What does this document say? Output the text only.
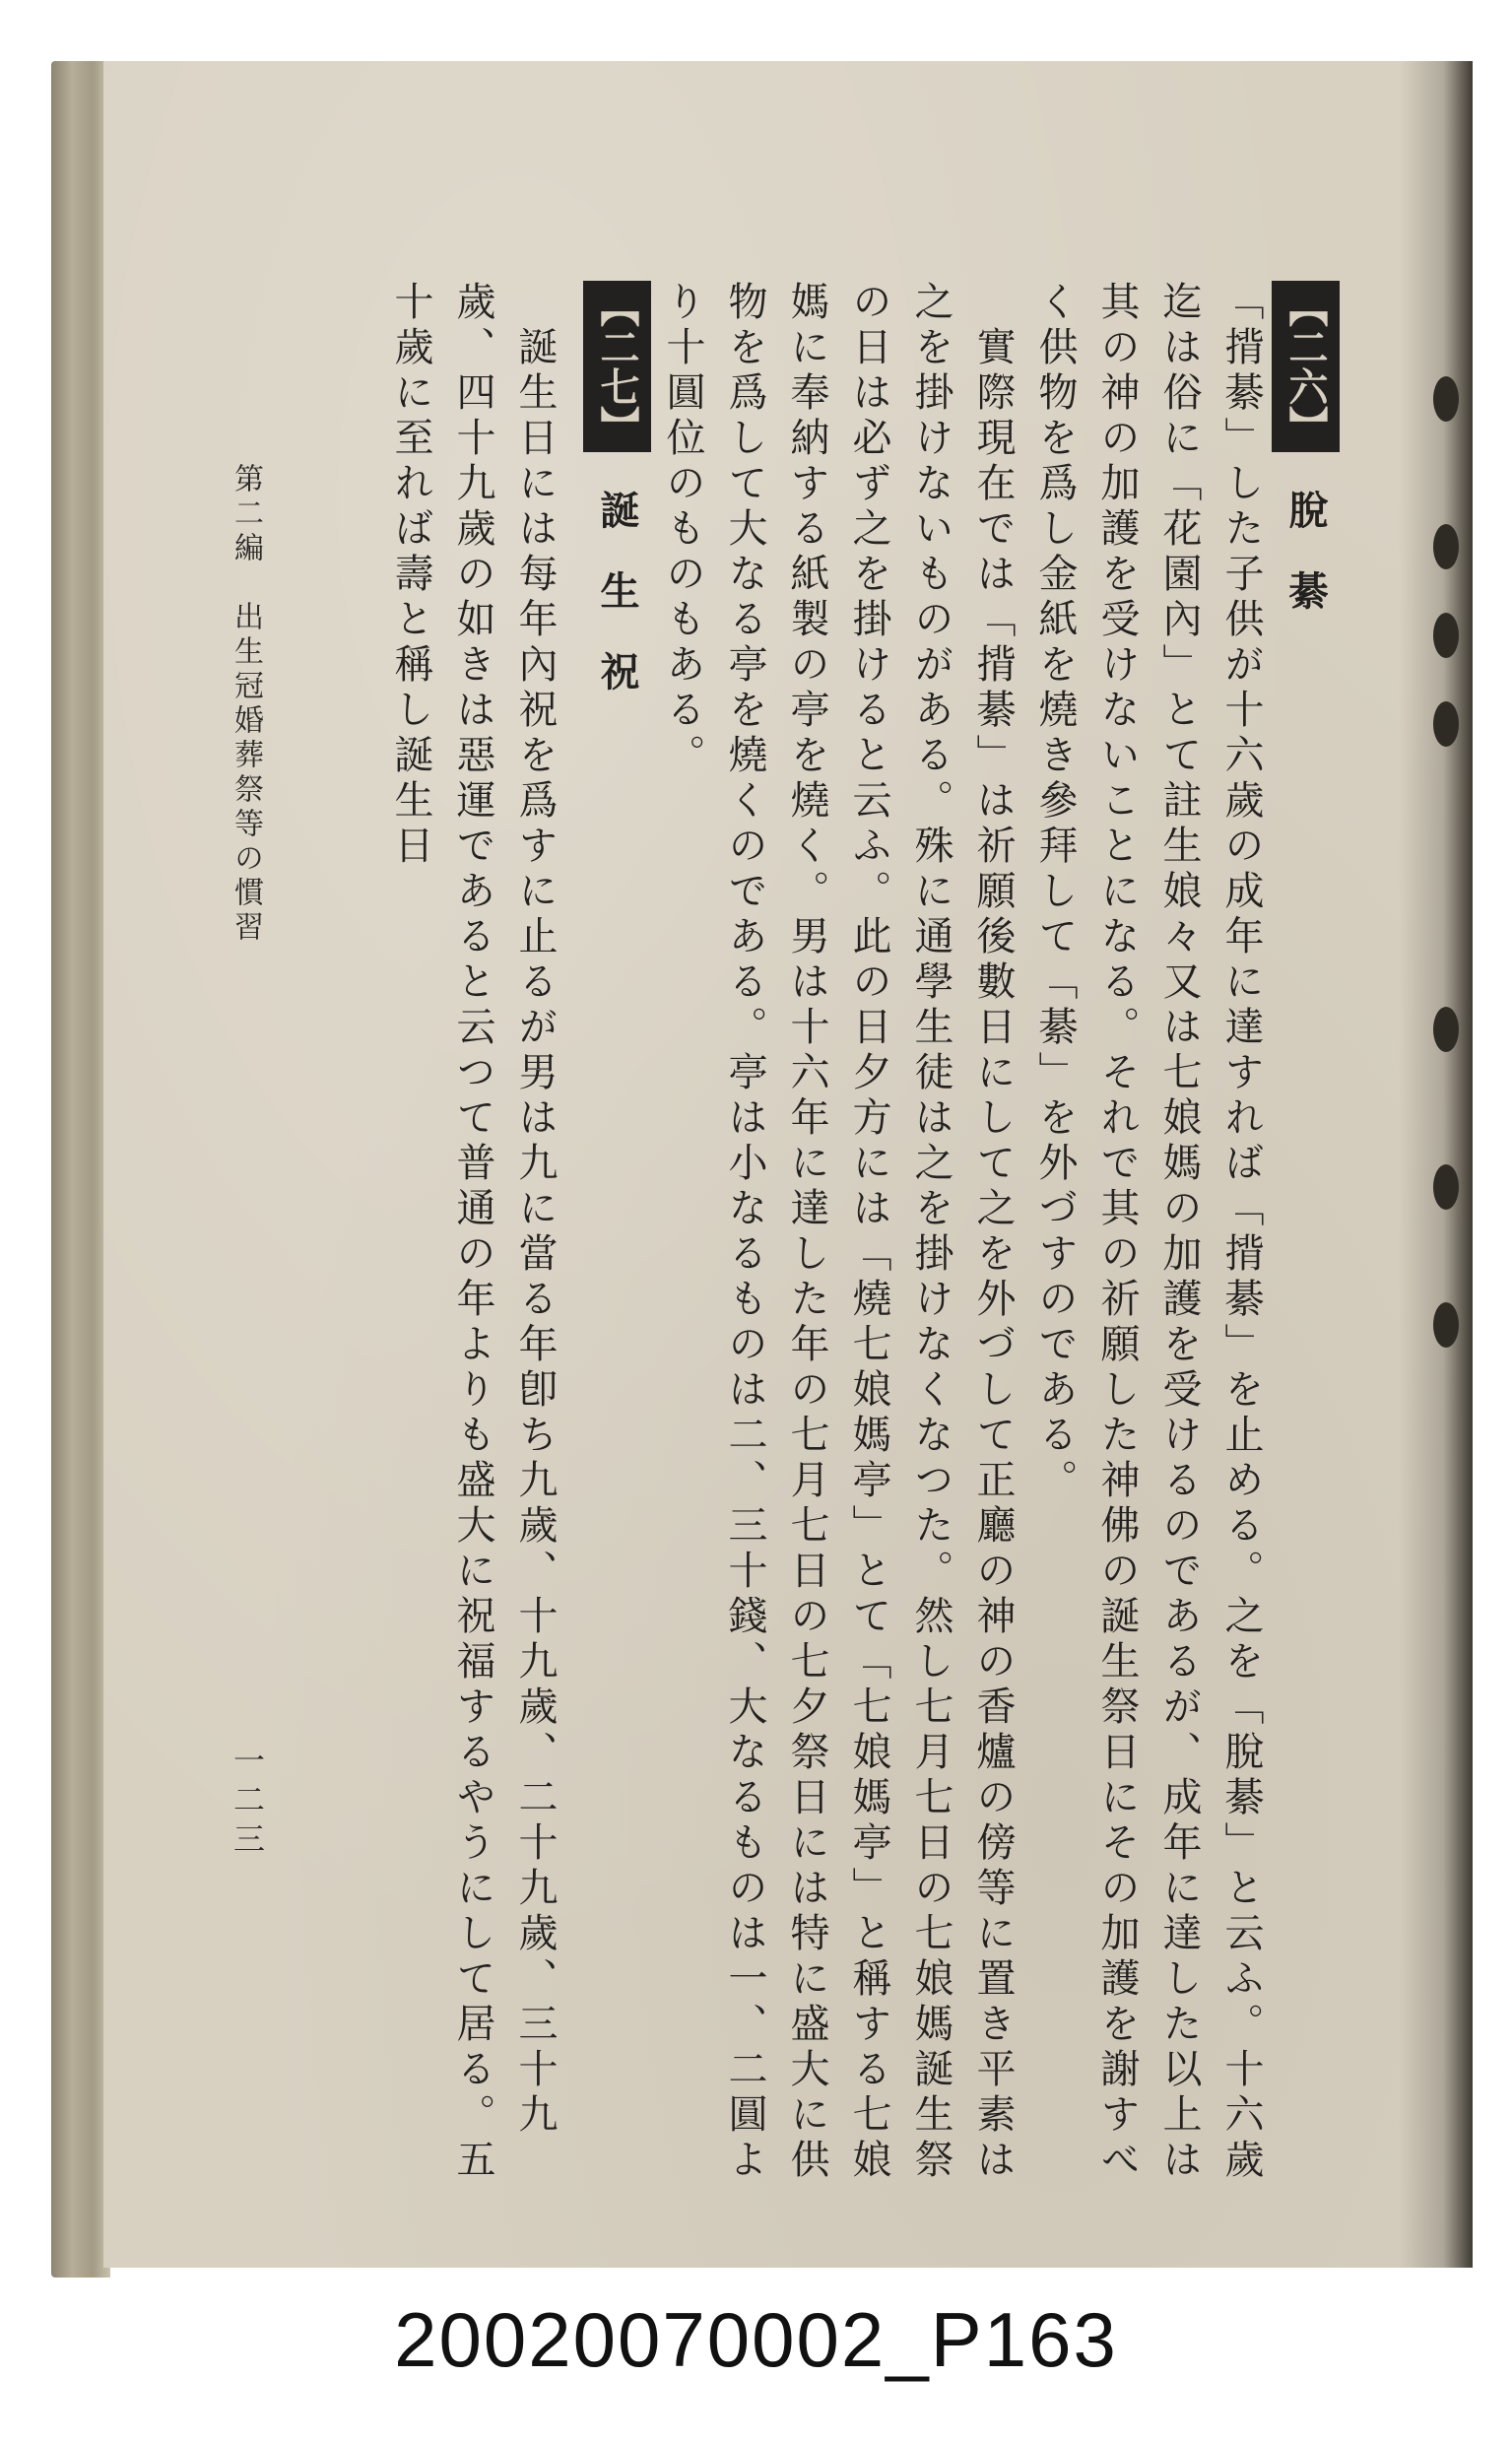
【二六】 脫 綦

「揹綦」した子供が十六歲の成年に達すれば「揹綦」を止める。之を「脫綦」と云ふ。十六歲迄は俗に「花園內」とて註生娘々又は七娘媽の加護を受けるのであるが、成年に達した以上は其の神の加護を受けないことになる。それで其の祈願した神佛の誕生祭日にその加護を謝すべく供物を爲し金紙を燒き參拜して「綦」を外づすのである。

　實際現在では「揹綦」は祈願後數日にして之を外づして正廳の神の香爐の傍等に置き平素は之を掛けないものがある。殊に通學生徒は之を掛けなくなつた。然し七月七日の七娘媽誕生祭の日は必ず之を掛けると云ふ。此の日夕方には「燒七娘媽亭」とて「七娘媽亭」と稱する七娘媽に奉納する紙製の亭を燒く。男は十六年に達した年の七月七日の七夕祭日には特に盛大に供物を爲して大なる亭を燒くのである。亭は小なるものは二、三十錢、大なるものは一、二圓より十圓位のものもある。

【二七】 誕 生 祝

　誕生日には每年內祝を爲すに止るが男は九に當る年卽ち九歲、十九歲、二十九歲、三十九歲、四十九歲の如きは惡運であると云つて普通の年よりも盛大に祝福するやうにして居る。五十歲に至れば壽と稱し誕生日

第二編　出生冠婚葬祭等の慣習
一二三
20020070002_P163
